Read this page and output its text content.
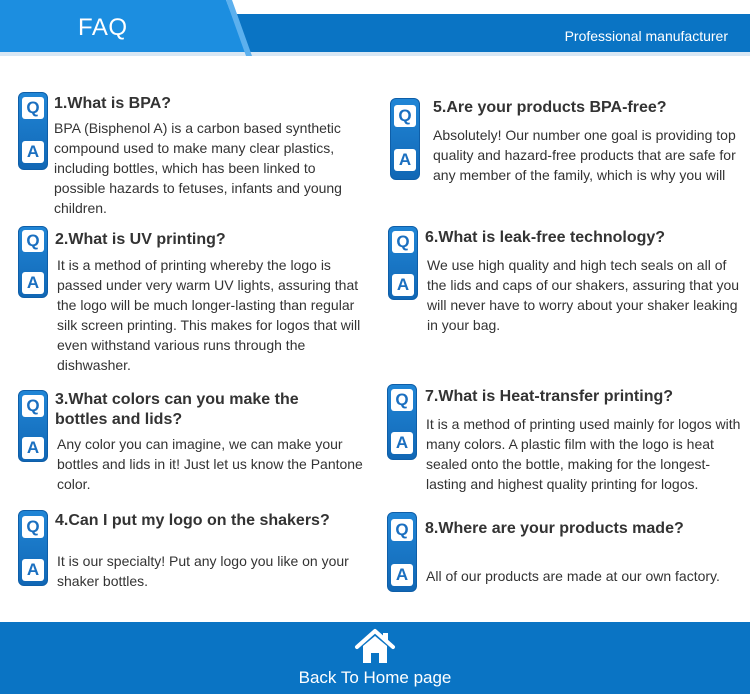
FAQ	Professional manufacturer
Q
A
1.What is BPA?
BPA (Bisphenol A) is a carbon based synthetic compound used to make many clear plastics, including bottles, which has been linked to possible hazards to fetuses, infants and young children.
Q
A
2.What is UV printing?
It is a method of printing whereby the logo is passed under very warm UV lights, assuring that the logo will be much longer-lasting than regular silk screen printing. This makes for logos that will even withstand various runs through the dishwasher.
Q
A
3.What colors can you make the bottles and lids?
Any color you can imagine, we can make your bottles and lids in it! Just let us know the Pantone color.
Q
A
4.Can I put my logo on the shakers?
It is our specialty! Put any logo you like on your shaker bottles.
Q
A
5.Are your products BPA-free?
Absolutely! Our number one goal is providing top quality and hazard-free products that are safe for any member of the family, which is why you will
Q
A
6.What is leak-free technology?
We use high quality and high tech seals on all of the lids and caps of our shakers, assuring that you will never have to worry about your shaker leaking in your bag.
Q
A
7.What is Heat-transfer printing?
It is a method of printing used mainly for logos with many colors. A plastic film with the logo is heat sealed onto the bottle, making for the longest-lasting and highest quality printing for logos.
Q
A
8.Where are your products made?
All of our products are made at our own factory.
Back To Home page
